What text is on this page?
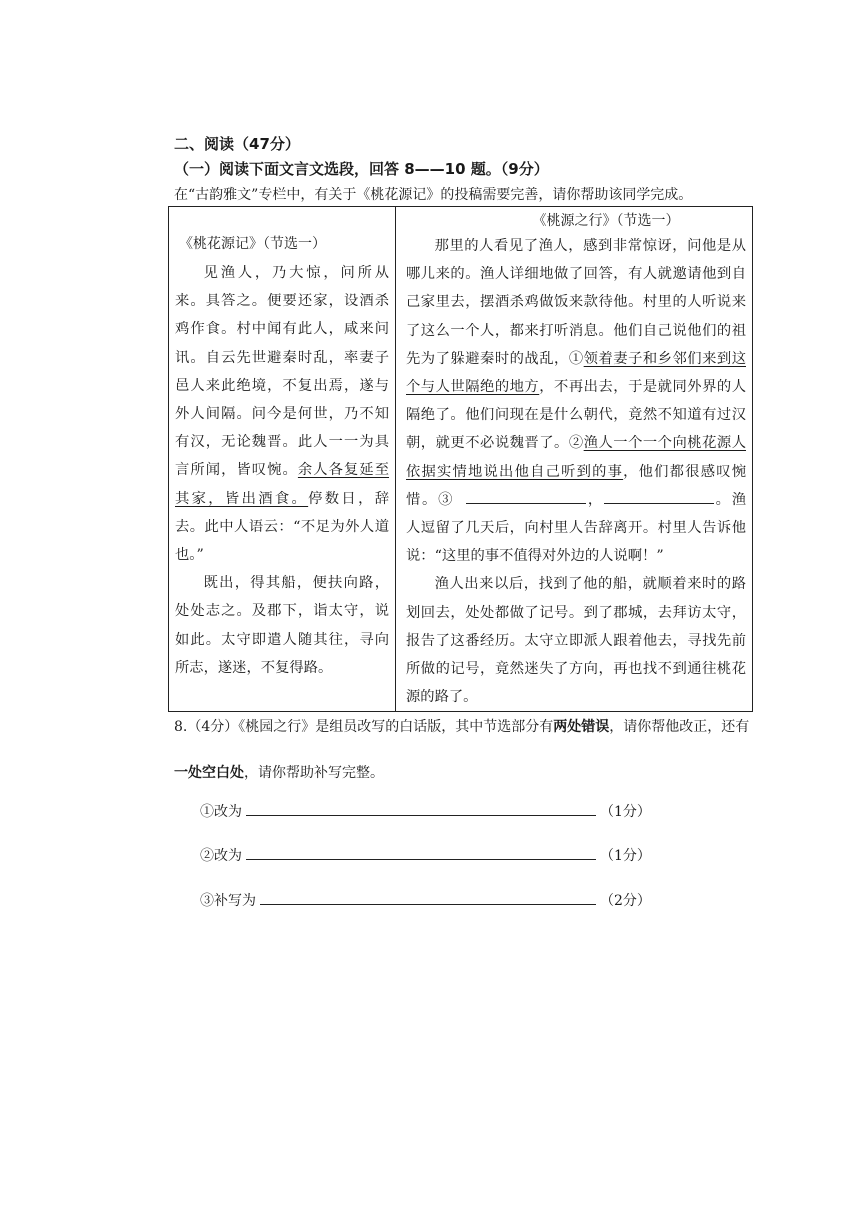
二、阅读（47分）
（一）阅读下面文言文选段，回答 8——10 题。（9分）
在“古韵雅文”专栏中，有关于《桃花源记》的投稿需要完善，请你帮助该同学完成。
《桃花源记》（节选一）

见渔人，乃大惊，问所从来。具答之。便要还家，设酒杀鸡作食。村中闻有此人，咸来问讯。自云先世避秦时乱，率妻子邑人来此绝境，不复出焉，遂与外人间隔。问今是何世，乃不知有汉，无论魏晋。此人一一为具言所闻，皆叹惋。余人各复延至其家，皆出酒食。停数日，辞去。此中人语云：“不足为外人道也。”

既出，得其船，便扶向路，处处志之。及郡下，诣太守，说如此。太守即遣人随其往，寻向所志，遂迷，不复得路。

《桃源之行》（节选一）

那里的人看见了渔人，感到非常惊讶，问他是从哪儿来的。渔人详细地做了回答，有人就邀请他到自己家里去，摆酒杀鸡做饭来款待他。村里的人听说来了这么一个人，都来打听消息。他们自己说他们的祖先为了躲避秦时的战乱，①领着妻子和乡邻们来到这个与人世隔绝的地方，不再出去，于是就同外界的人隔绝了。他们问现在是什么朝代，竟然不知道有过汉朝，就更不必说魏晋了。②渔人一个一个向桃花源人依据实情地说出他自己听到的事，他们都很感叹惋惜。③	，	。渔人逗留了几天后，向村里人告辞离开。村里人告诉他说：“这里的事不值得对外边的人说啊！”

渔人出来以后，找到了他的船，就顺着来时的路划回去，处处都做了记号。到了郡城，去拜访太守，报告了这番经历。太守立即派人跟着他去，寻找先前所做的记号，竟然迷失了方向，再也找不到通往桃花源的路了。

8.（4分）《桃园之行》是组员改写的白话版，其中节选部分有两处错误，请你帮他改正，还有
一处空白处，请你帮助补写完整。
①改为	（1分）
②改为	（1分）
③补写为	（2分）
